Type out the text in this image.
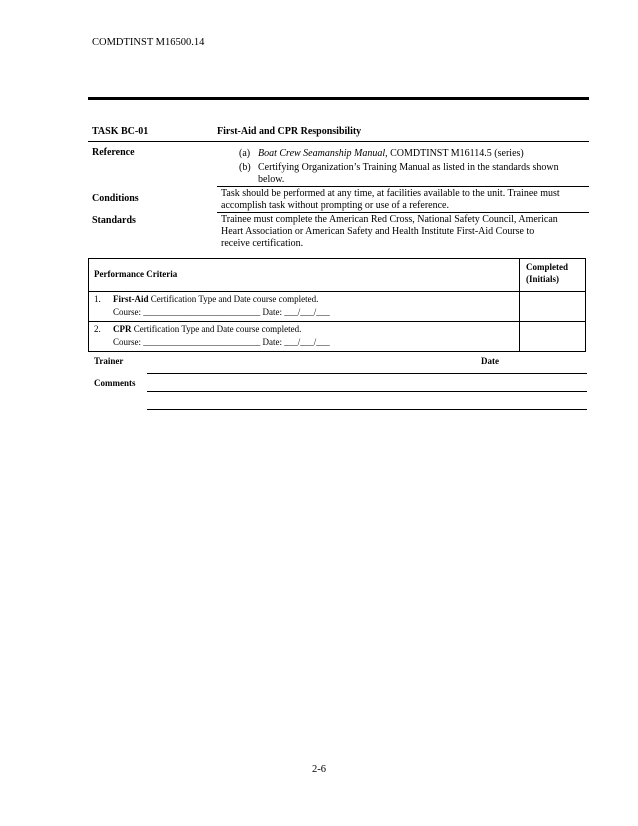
COMDTINST M16500.14
TASK BC-01	First-Aid and CPR Responsibility
Reference	(a) Boat Crew Seamanship Manual, COMDTINST M16114.5 (series)
(b) Certifying Organization’s Training Manual as listed in the standards shown
below.
Conditions	Task should be performed at any time, at facilities available to the unit. Trainee must
accomplish task without prompting or use of a reference.
Standards	Trainee must complete the American Red Cross, National Safety Council, American
Heart Association or American Safety and Health Institute First-Aid Course to
receive certification.
Performance Criteria
Completed
(Initials)
1. First-Aid Certification Type and Date course completed.
Course: __________________________ Date: ___/___/___
2. CPR Certification Type and Date course completed.
Course: __________________________ Date: ___/___/___
Trainer	Date
Comments
2-6
